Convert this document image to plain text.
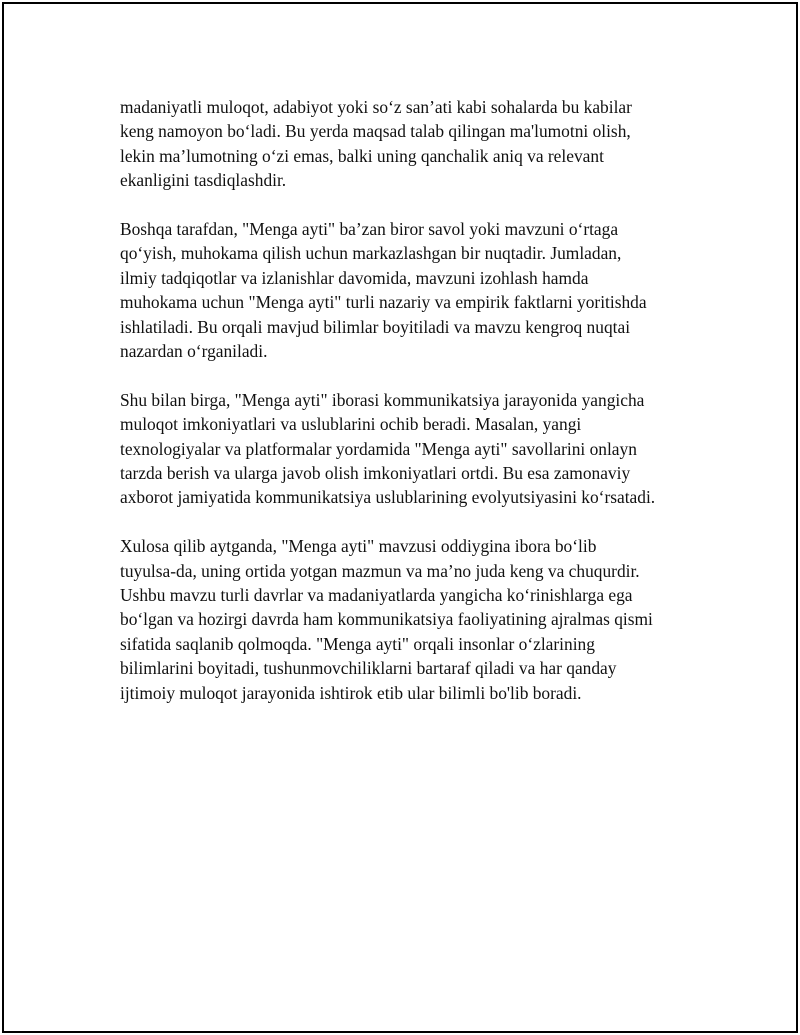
madaniyatli muloqot, adabiyot yoki so‘z san’ati kabi sohalarda bu kabilar
keng namoyon bo‘ladi. Bu yerda maqsad talab qilingan ma'lumotni olish,
lekin ma’lumotning o‘zi emas, balki uning qanchalik aniq va relevant
ekanligini tasdiqlashdir.

Boshqa tarafdan, "Menga ayti" ba’zan biror savol yoki mavzuni o‘rtaga
qo‘yish, muhokama qilish uchun markazlashgan bir nuqtadir. Jumladan,
ilmiy tadqiqotlar va izlanishlar davomida, mavzuni izohlash hamda
muhokama uchun "Menga ayti" turli nazariy va empirik faktlarni yoritishda
ishlatiladi. Bu orqali mavjud bilimlar boyitiladi va mavzu kengroq nuqtai
nazardan o‘rganiladi.

Shu bilan birga, "Menga ayti" iborasi kommunikatsiya jarayonida yangicha
muloqot imkoniyatlari va uslublarini ochib beradi. Masalan, yangi
texnologiyalar va platformalar yordamida "Menga ayti" savollarini onlayn
tarzda berish va ularga javob olish imkoniyatlari ortdi. Bu esa zamonaviy
axborot jamiyatida kommunikatsiya uslublarining evolyutsiyasini ko‘rsatadi.

Xulosa qilib aytganda, "Menga ayti" mavzusi oddiygina ibora bo‘lib
tuyulsa-da, uning ortida yotgan mazmun va ma’no juda keng va chuqurdir.
Ushbu mavzu turli davrlar va madaniyatlarda yangicha ko‘rinishlarga ega
bo‘lgan va hozirgi davrda ham kommunikatsiya faoliyatining ajralmas qismi
sifatida saqlanib qolmoqda. "Menga ayti" orqali insonlar o‘zlarining
bilimlarini boyitadi, tushunmovchiliklarni bartaraf qiladi va har qanday
ijtimoiy muloqot jarayonida ishtirok etib ular bilimli bo'lib boradi.
